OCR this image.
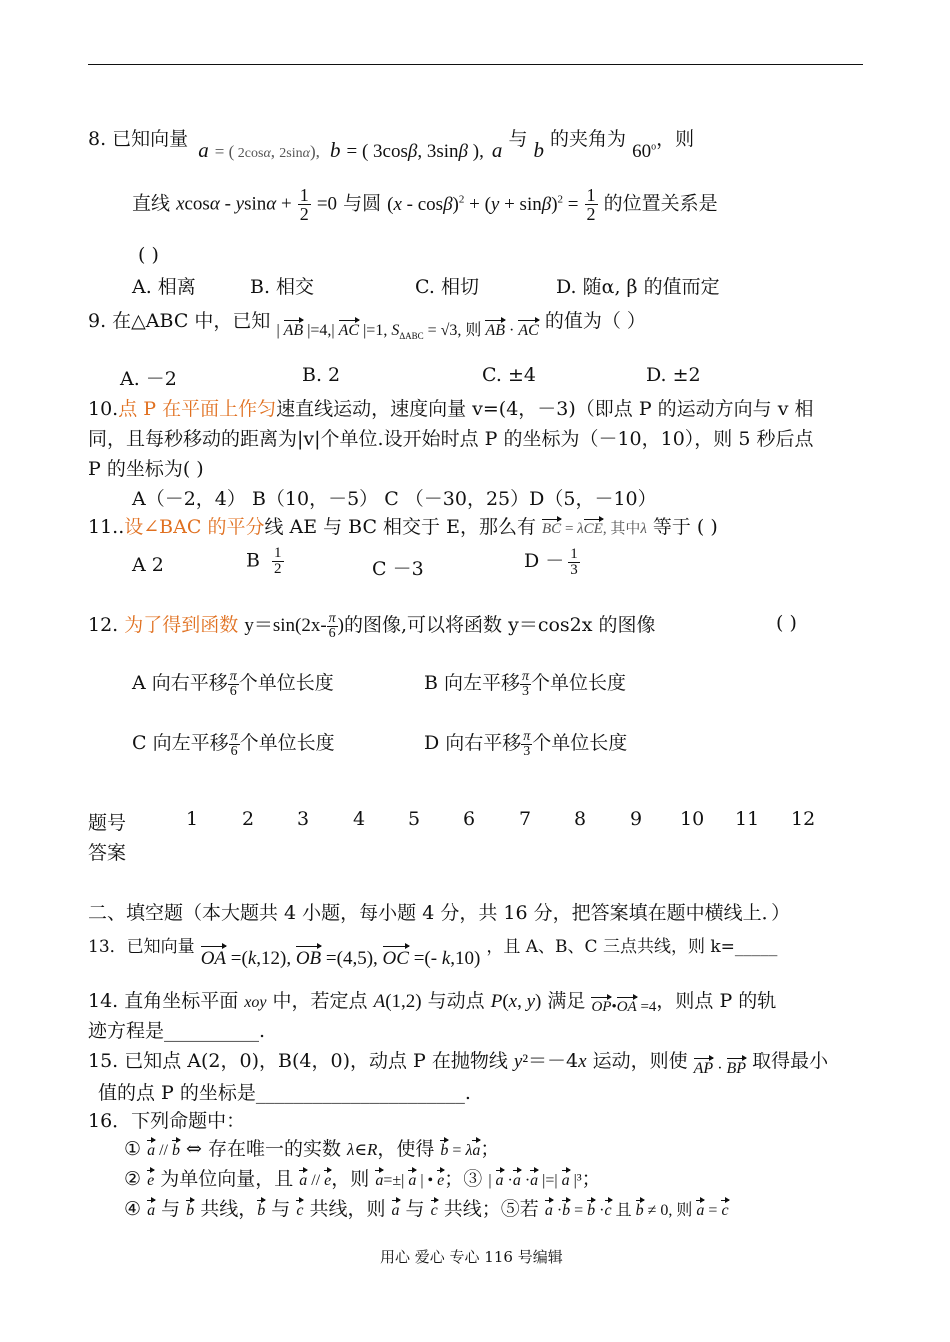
8. 已知向量 a = ( 2cosα, 2sinα), b = ( 3cosβ, 3sinβ ), a 与 b 的夹角为 60$^o$，则
直线 $xcos\alpha - ysin\alpha + \frac{1}{2} =0$ 与圆 $(x - \cos\beta)^2 + (y + \sin\beta)^2 = \frac{1}{2}$ 的位置关系是
( )
A. 相离	B. 相交	C. 相切	D. 随α, β 的值而定
9. 在△ABC 中，已知 $_{| AB |=4,| AC |=1, S_{\Delta ABC} = √3, 则 AB \cdot AC}$ 的值为（ ）
A. －2	B. 2	C. ±4	D. ±2
10.点 P 在平面上作匀速直线运动，速度向量 v=(4，－3)（即点 P 的运动方向与 v 相
同，且每秒移动的距离为|v|个单位.设开始时点 P 的坐标为（－10，10），则 5 秒后点
P 的坐标为( )
A（－2，4） B（10，－5） C （－30，25）D（5，－10）
11..设∠BAC 的平分线 AE 与 BC 相交于 E，那么有 BC = λCE, 其中λ 等于 ( )
A 2	B $\frac{1}{2}$	C －3	$D - \frac{1}{3}$
12. 为了得到函数 $y=\sin(2x- \frac{\pi}{6}$ )的图像,可以将函数 y＝cos2x 的图像	( )
A 向右平移 $\frac{\pi}{6}$ 个单位长度	B 向左平移 $\frac{\pi}{3}$ 个单位长度
C 向左平移 $\frac{\pi}{6}$ 个单位长度	D 向右平移 $\frac{\pi}{3}$ 个单位长度
题号	1 2 3 4 5 6 7 8 9 10 11 12
答案
二、填空题（本大题共 4 小题，每小题 4 分，共 16 分，把答案填在题中横线上．）
13．已知向量 OA =(k,12), OB =(4,5), OC =(- k,10) ，且 A、B、C 三点共线，则 k=_____
14. 直角坐标平面 xoy 中，若定点 A(1,2) 与动点 P(x, y) 满足 $_{OP•OA =4}$，则点 P 的轨
迹方程是__________.
15. 已知点 A(2，0)，B(4，0)，动点 P 在抛物线 y²＝－4x 运动，则使 $_{AP \cdot BP}$ 取得最小
值的点 P 的坐标是______________________.
16．下列命题中：
① a // b ⇔ 存在唯一的实数 λ∈R，使得 b = λa；
② e 为单位向量，且 a // e，则 a=±| a | • e；③ | a ·a ·a |=| a |³；
④ a 与 b 共线，b 与 c 共线，则 a 与 c 共线；⑤若 a ·b = b ·c 且 b ≠ 0, 则 a = c
用心 爱心 专心 116 号编辑
